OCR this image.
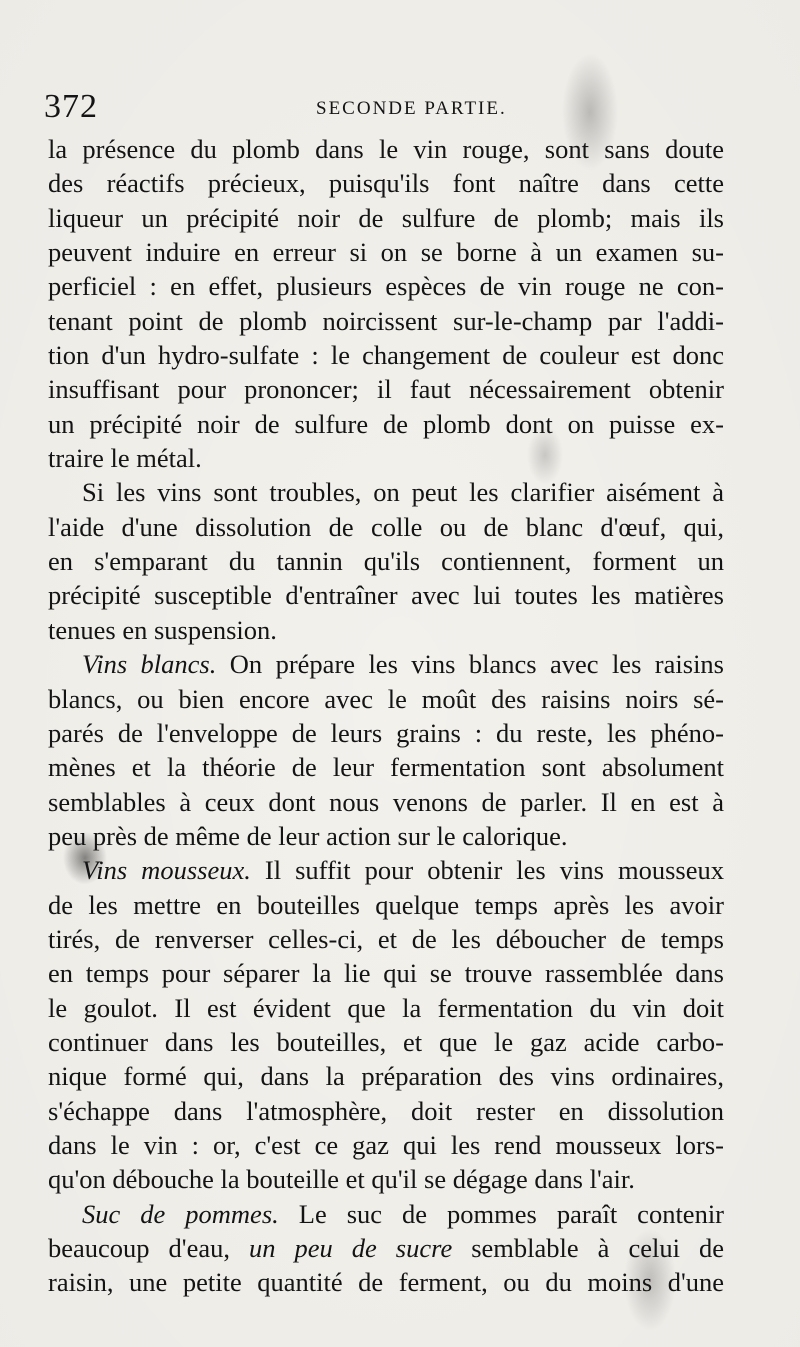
372	SECONDE PARTIE.
la présence du plomb dans le vin rouge, sont sans doute
des réactifs précieux, puisqu'ils font naître dans cette
liqueur un précipité noir de sulfure de plomb; mais ils
peuvent induire en erreur si on se borne à un examen su-
perficiel : en effet, plusieurs espèces de vin rouge ne con-
tenant point de plomb noircissent sur-le-champ par l'addi-
tion d'un hydro-sulfate : le changement de couleur est donc
insuffisant pour prononcer; il faut nécessairement obtenir
un précipité noir de sulfure de plomb dont on puisse ex-
traire le métal.
Si les vins sont troubles, on peut les clarifier aisément à
l'aide d'une dissolution de colle ou de blanc d'œuf, qui,
en s'emparant du tannin qu'ils contiennent, forment un
précipité susceptible d'entraîner avec lui toutes les matières
tenues en suspension.
Vins blancs. On prépare les vins blancs avec les raisins
blancs, ou bien encore avec le moût des raisins noirs sé-
parés de l'enveloppe de leurs grains : du reste, les phéno-
mènes et la théorie de leur fermentation sont absolument
semblables à ceux dont nous venons de parler. Il en est à
peu près de même de leur action sur le calorique.
Vins mousseux. Il suffit pour obtenir les vins mousseux
de les mettre en bouteilles quelque temps après les avoir
tirés, de renverser celles-ci, et de les déboucher de temps
en temps pour séparer la lie qui se trouve rassemblée dans
le goulot. Il est évident que la fermentation du vin doit
continuer dans les bouteilles, et que le gaz acide carbo-
nique formé qui, dans la préparation des vins ordinaires,
s'échappe dans l'atmosphère, doit rester en dissolution
dans le vin : or, c'est ce gaz qui les rend mousseux lors-
qu'on débouche la bouteille et qu'il se dégage dans l'air.
Suc de pommes. Le suc de pommes paraît contenir
beaucoup d'eau, un peu de sucre semblable à celui de
raisin, une petite quantité de ferment, ou du moins d'une
